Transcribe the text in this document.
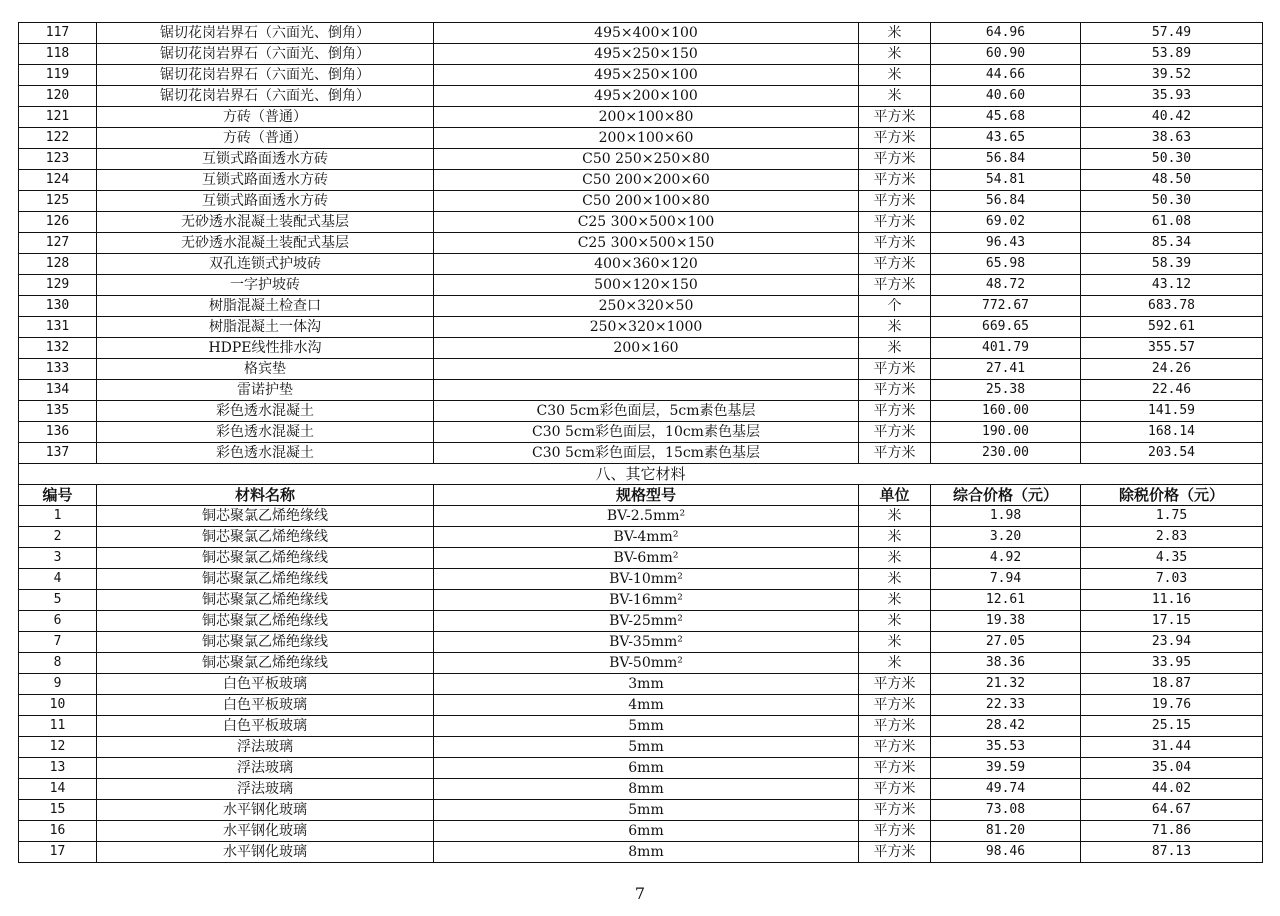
117	锯切花岗岩界石（六面光、倒角）	495×400×100	米	64.96	57.49
118	锯切花岗岩界石（六面光、倒角）	495×250×150	米	60.90	53.89
119	锯切花岗岩界石（六面光、倒角）	495×250×100	米	44.66	39.52
120	锯切花岗岩界石（六面光、倒角）	495×200×100	米	40.60	35.93
121	方砖（普通）	200×100×80	平方米	45.68	40.42
122	方砖（普通）	200×100×60	平方米	43.65	38.63
123	互锁式路面透水方砖	C50 250×250×80	平方米	56.84	50.30
124	互锁式路面透水方砖	C50 200×200×60	平方米	54.81	48.50
125	互锁式路面透水方砖	C50 200×100×80	平方米	56.84	50.30
126	无砂透水混凝土装配式基层	C25 300×500×100	平方米	69.02	61.08
127	无砂透水混凝土装配式基层	C25 300×500×150	平方米	96.43	85.34
128	双孔连锁式护坡砖	400×360×120	平方米	65.98	58.39
129	一字护坡砖	500×120×150	平方米	48.72	43.12
130	树脂混凝土检查口	250×320×50	个	772.67	683.78
131	树脂混凝土一体沟	250×320×1000	米	669.65	592.61
132	HDPE线性排水沟	200×160	米	401.79	355.57
133	格宾垫		平方米	27.41	24.26
134	雷诺护垫		平方米	25.38	22.46
135	彩色透水混凝土	C30 5cm彩色面层，5cm素色基层	平方米	160.00	141.59
136	彩色透水混凝土	C30 5cm彩色面层，10cm素色基层	平方米	190.00	168.14
137	彩色透水混凝土	C30 5cm彩色面层，15cm素色基层	平方米	230.00	203.54
八、其它材料					
编号	材料名称	规格型号	单位	综合价格（元）	除税价格（元）
1	铜芯聚氯乙烯绝缘线	BV-2.5mm²	米	1.98	1.75
2	铜芯聚氯乙烯绝缘线	BV-4mm²	米	3.20	2.83
3	铜芯聚氯乙烯绝缘线	BV-6mm²	米	4.92	4.35
4	铜芯聚氯乙烯绝缘线	BV-10mm²	米	7.94	7.03
5	铜芯聚氯乙烯绝缘线	BV-16mm²	米	12.61	11.16
6	铜芯聚氯乙烯绝缘线	BV-25mm²	米	19.38	17.15
7	铜芯聚氯乙烯绝缘线	BV-35mm²	米	27.05	23.94
8	铜芯聚氯乙烯绝缘线	BV-50mm²	米	38.36	33.95
9	白色平板玻璃	3mm	平方米	21.32	18.87
10	白色平板玻璃	4mm	平方米	22.33	19.76
11	白色平板玻璃	5mm	平方米	28.42	25.15
12	浮法玻璃	5mm	平方米	35.53	31.44
13	浮法玻璃	6mm	平方米	39.59	35.04
14	浮法玻璃	8mm	平方米	49.74	44.02
15	水平钢化玻璃	5mm	平方米	73.08	64.67
16	水平钢化玻璃	6mm	平方米	81.20	71.86
17	水平钢化玻璃	8mm	平方米	98.46	87.13
7
